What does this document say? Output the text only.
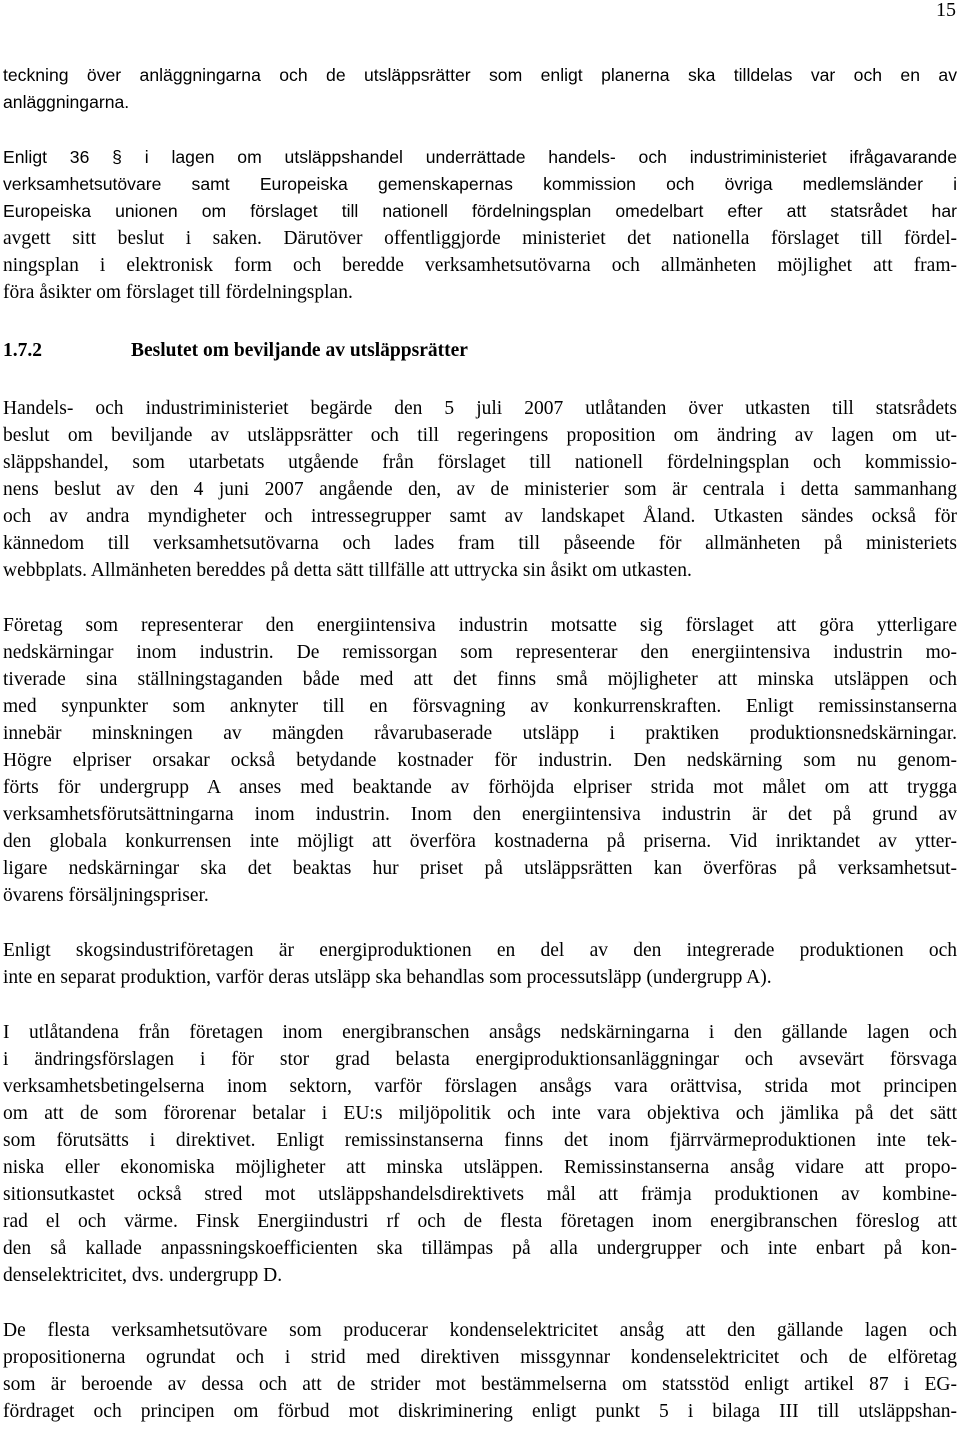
15
teckning över anläggningarna och de utsläppsrätter som enligt planerna ska tilldelas var och en av
anläggningarna.
Enligt 36 § i lagen om utsläppshandel underrättade handels- och industriministeriet ifrågavarande
verksamhetsutövare samt Europeiska gemenskapernas kommission och övriga medlemsländer i
Europeiska unionen om förslaget till nationell fördelningsplan omedelbart efter att statsrådet har
avgett sitt beslut i saken. Därutöver offentliggjorde ministeriet det nationella förslaget till fördel-
ningsplan i elektronisk form och beredde verksamhetsutövarna och allmänheten möjlighet att fram-
föra åsikter om förslaget till fördelningsplan.
1.7.2	Beslutet om beviljande av utsläppsrätter
Handels- och industriministeriet begärde den 5 juli 2007 utlåtanden över utkasten till statsrådets
beslut om beviljande av utsläppsrätter och till regeringens proposition om ändring av lagen om ut-
släppshandel, som utarbetats utgående från förslaget till nationell fördelningsplan och kommissio-
nens beslut av den 4 juni 2007 angående den, av de ministerier som är centrala i detta sammanhang
och av andra myndigheter och intressegrupper samt av landskapet Åland. Utkasten sändes också för
kännedom till verksamhetsutövarna och lades fram till påseende för allmänheten på ministeriets
webbplats. Allmänheten bereddes på detta sätt tillfälle att uttrycka sin åsikt om utkasten.
Företag som representerar den energiintensiva industrin motsatte sig förslaget att göra ytterligare
nedskärningar inom industrin. De remissorgan som representerar den energiintensiva industrin mo-
tiverade sina ställningstaganden både med att det finns små möjligheter att minska utsläppen och
med synpunkter som anknyter till en försvagning av konkurrenskraften. Enligt remissinstanserna
innebär minskningen av mängden råvarubaserade utsläpp i praktiken produktionsnedskärningar.
Högre elpriser orsakar också betydande kostnader för industrin. Den nedskärning som nu genom-
förts för undergrupp A anses med beaktande av förhöjda elpriser strida mot målet om att trygga
verksamhetsförutsättningarna inom industrin. Inom den energiintensiva industrin är det på grund av
den globala konkurrensen inte möjligt att överföra kostnaderna på priserna. Vid inriktandet av ytter-
ligare nedskärningar ska det beaktas hur priset på utsläppsrätten kan överföras på verksamhetsut-
övarens försäljningspriser.
Enligt skogsindustriföretagen är energiproduktionen en del av den integrerade produktionen och
inte en separat produktion, varför deras utsläpp ska behandlas som processutsläpp (undergrupp A).
I utlåtandena från företagen inom energibranschen ansågs nedskärningarna i den gällande lagen och
i ändringsförslagen i för stor grad belasta energiproduktionsanläggningar och avsevärt försvaga
verksamhetsbetingelserna inom sektorn, varför förslagen ansågs vara orättvisa, strida mot principen
om att de som förorenar betalar i EU:s miljöpolitik och inte vara objektiva och jämlika på det sätt
som förutsätts i direktivet. Enligt remissinstanserna finns det inom fjärrvärmeproduktionen inte tek-
niska eller ekonomiska möjligheter att minska utsläppen. Remissinstanserna ansåg vidare att propo-
sitionsutkastet också stred mot utsläppshandelsdirektivets mål att främja produktionen av kombine-
rad el och värme. Finsk Energiindustri rf och de flesta företagen inom energibranschen föreslog att
den så kallade anpassningskoefficienten ska tillämpas på alla undergrupper och inte enbart på kon-
denselektricitet, dvs. undergrupp D.
De flesta verksamhetsutövare som producerar kondenselektricitet ansåg att den gällande lagen och
propositionerna ogrundat och i strid med direktiven missgynnar kondenselektricitet och de elföretag
som är beroende av dessa och att de strider mot bestämmelserna om statsstöd enligt artikel 87 i EG-
fördraget och principen om förbud mot diskriminering enligt punkt 5 i bilaga III till utsläppshan-
